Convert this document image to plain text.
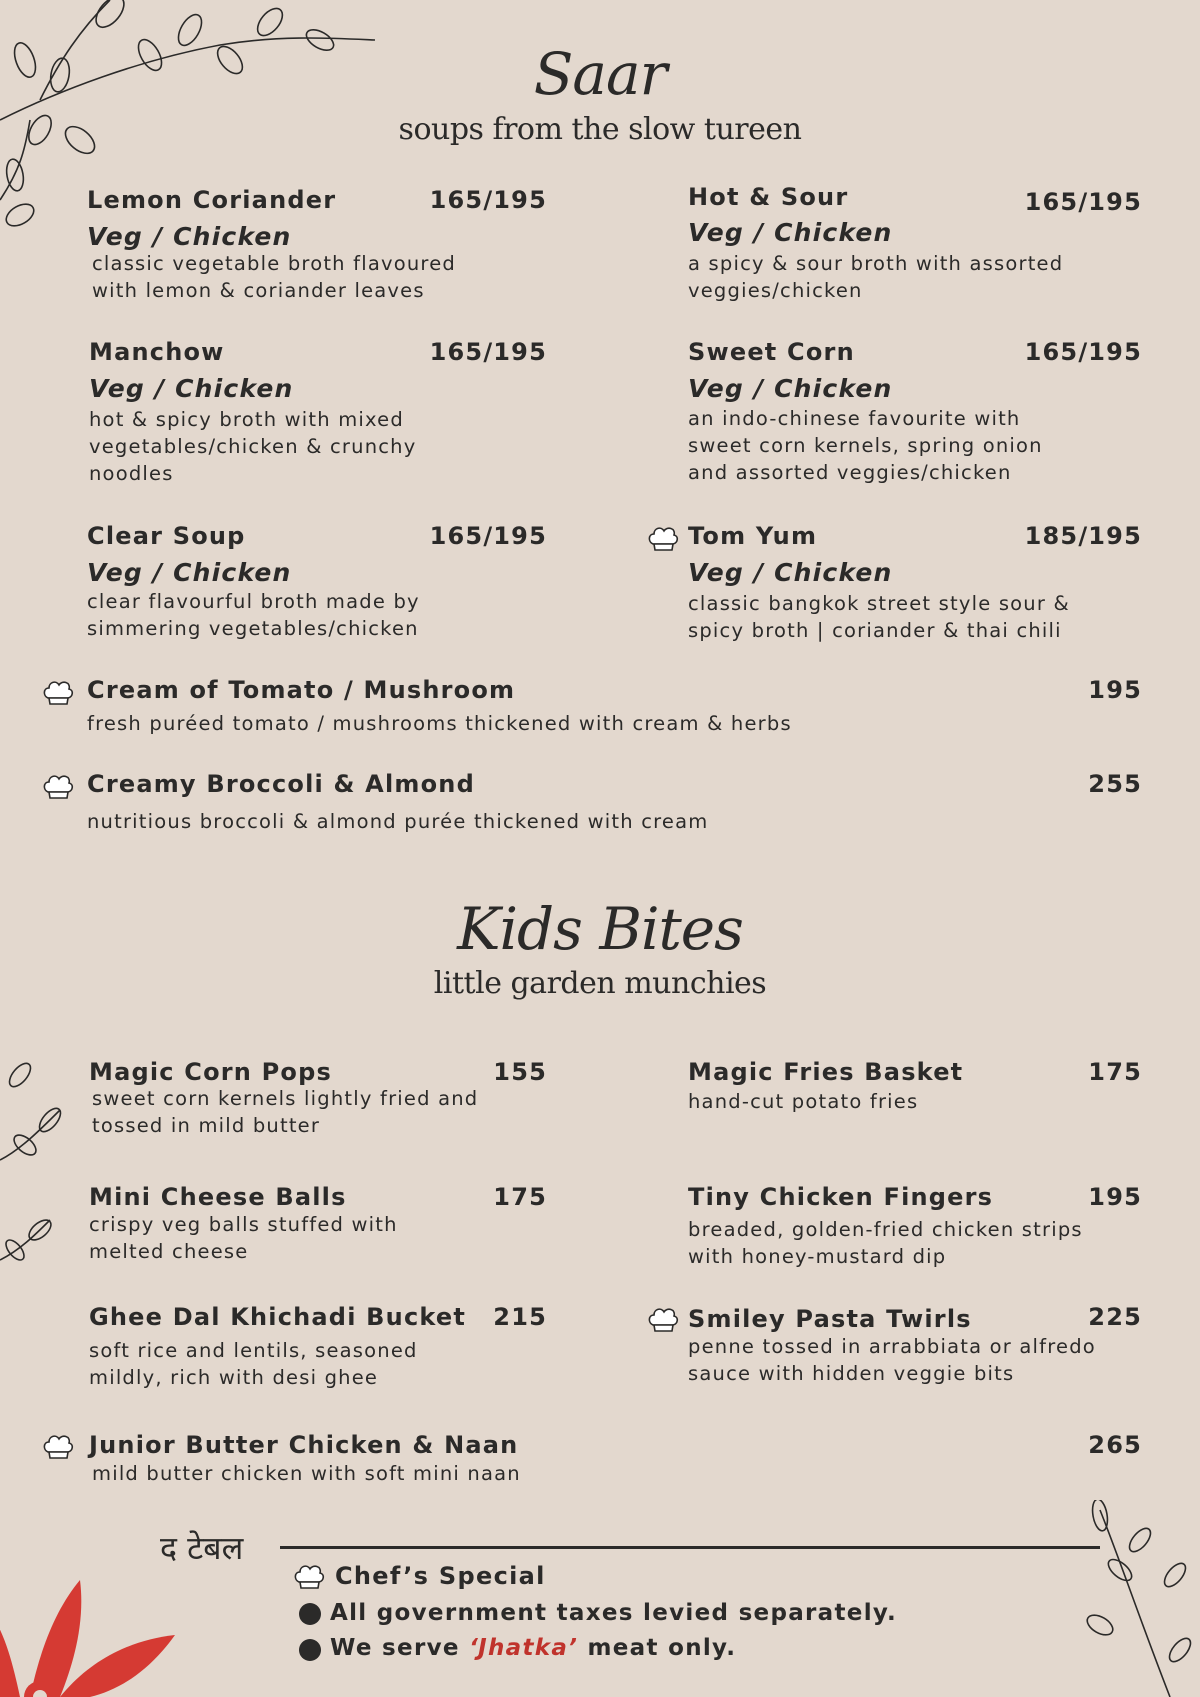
Saar
soups from the slow tureen
Lemon Coriander	165/195
Veg / Chicken
classic vegetable broth flavoured
with lemon & coriander leaves
Hot & Sour	165/195
Veg / Chicken
a spicy & sour broth with assorted
veggies/chicken
Manchow	165/195
Veg / Chicken
hot & spicy broth with mixed
vegetables/chicken & crunchy
noodles
Sweet Corn	165/195
Veg / Chicken
an indo-chinese favourite with
sweet corn kernels, spring onion
and assorted veggies/chicken
Clear Soup	165/195
Veg / Chicken
clear flavourful broth made by
simmering vegetables/chicken
Tom Yum	185/195
Veg / Chicken
classic bangkok street style sour &
spicy broth | coriander & thai chili
Cream of Tomato / Mushroom	195
fresh puréed tomato / mushrooms thickened with cream & herbs
Creamy Broccoli & Almond	255
nutritious broccoli & almond purée thickened with cream
Kids Bites
little garden munchies
Magic Corn Pops	155
sweet corn kernels lightly fried and
tossed in mild butter
Magic Fries Basket	175
hand-cut potato fries
Mini Cheese Balls	175
crispy veg balls stuffed with
melted cheese
Tiny Chicken Fingers	195
breaded, golden-fried chicken strips
with honey-mustard dip
Ghee Dal Khichadi Bucket	215
soft rice and lentils, seasoned
mildly, rich with desi ghee
Smiley Pasta Twirls	225
penne tossed in arrabbiata or alfredo
sauce with hidden veggie bits
Junior Butter Chicken & Naan	265
mild butter chicken with soft mini naan
द टेबल
Chef’s Special
All government taxes levied separately.
We serve ‘Jhatka’ meat only.
